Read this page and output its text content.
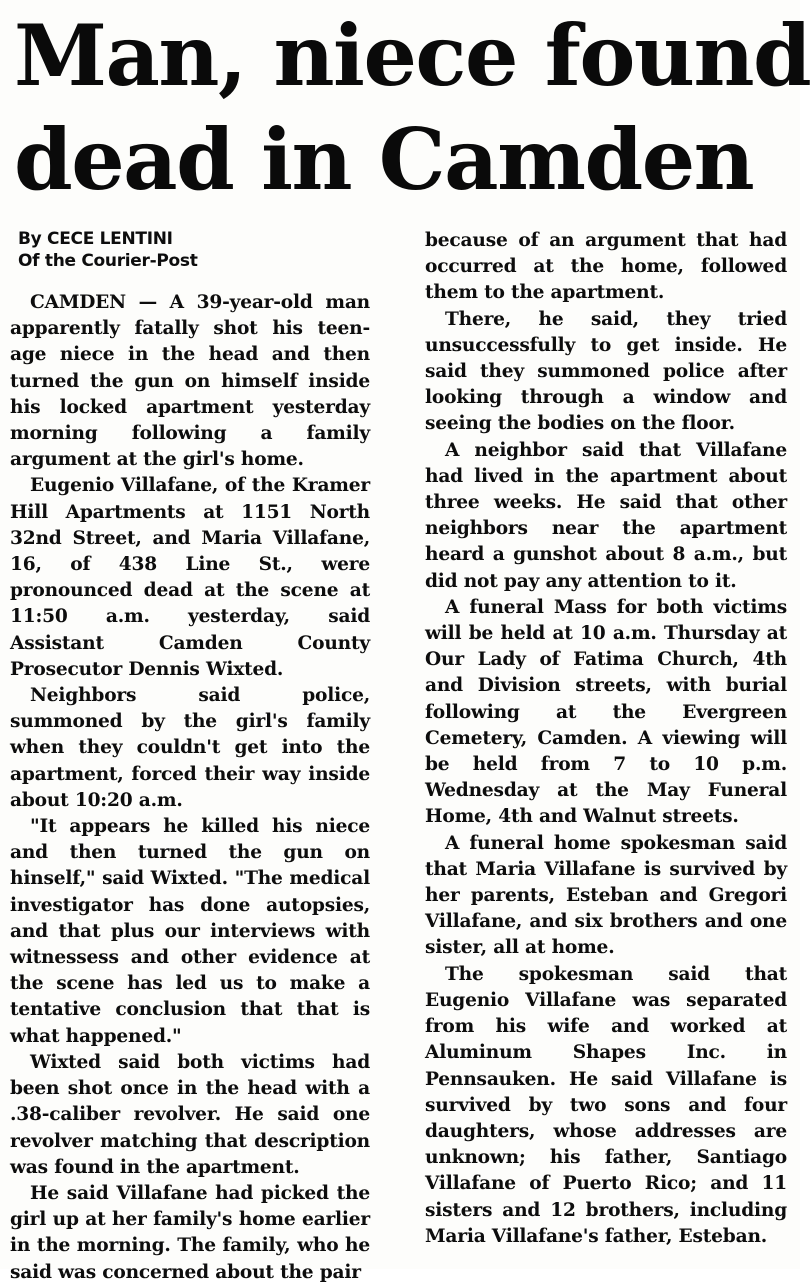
Man, niece found
dead in Camden
By CECE LENTINI
Of the Courier-Post

CAMDEN — A 39-year-old man apparently fatally shot his teen-age niece in the head and then turned the gun on himself inside his locked apartment yesterday morning following a family argument at the girl's home.

Eugenio Villafane, of the Kramer Hill Apartments at 1151 North 32nd Street, and Maria Villafane, 16, of 438 Line St., were pronounced dead at the scene at 11:50 a.m. yesterday, said Assistant Camden County Prosecutor Dennis Wixted.

Neighbors said police, summoned by the girl's family when they couldn't get into the apartment, forced their way inside about 10:20 a.m.

"It appears he killed his niece and then turned the gun on hinself," said Wixted. "The medical investigator has done autopsies, and that plus our interviews with witnessess and other evidence at the scene has led us to make a tentative conclusion that that is what happened."

Wixted said both victims had been shot once in the head with a .38-caliber revolver. He said one revolver matching that description was found in the apartment.

He said Villafane had picked the girl up at her family's home earlier in the morning. The family, who he said was concerned about the pair

because of an argument that had occurred at the home, followed them to the apartment.

There, he said, they tried unsuccessfully to get inside. He said they summoned police after looking through a window and seeing the bodies on the floor.

A neighbor said that Villafane had lived in the apartment about three weeks. He said that other neighbors near the apartment heard a gunshot about 8 a.m., but did not pay any attention to it.

A funeral Mass for both victims will be held at 10 a.m. Thursday at Our Lady of Fatima Church, 4th and Division streets, with burial following at the Evergreen Cemetery, Camden. A viewing will be held from 7 to 10 p.m. Wednesday at the May Funeral Home, 4th and Walnut streets.

A funeral home spokesman said that Maria Villafane is survived by her parents, Esteban and Gregori Villafane, and six brothers and one sister, all at home.

The spokesman said that Eugenio Villafane was separated from his wife and worked at Aluminum Shapes Inc. in Pennsauken. He said Villafane is survived by two sons and four daughters, whose addresses are unknown; his father, Santiago Villafane of Puerto Rico; and 11 sisters and 12 brothers, including Maria Villafane's father, Esteban.
